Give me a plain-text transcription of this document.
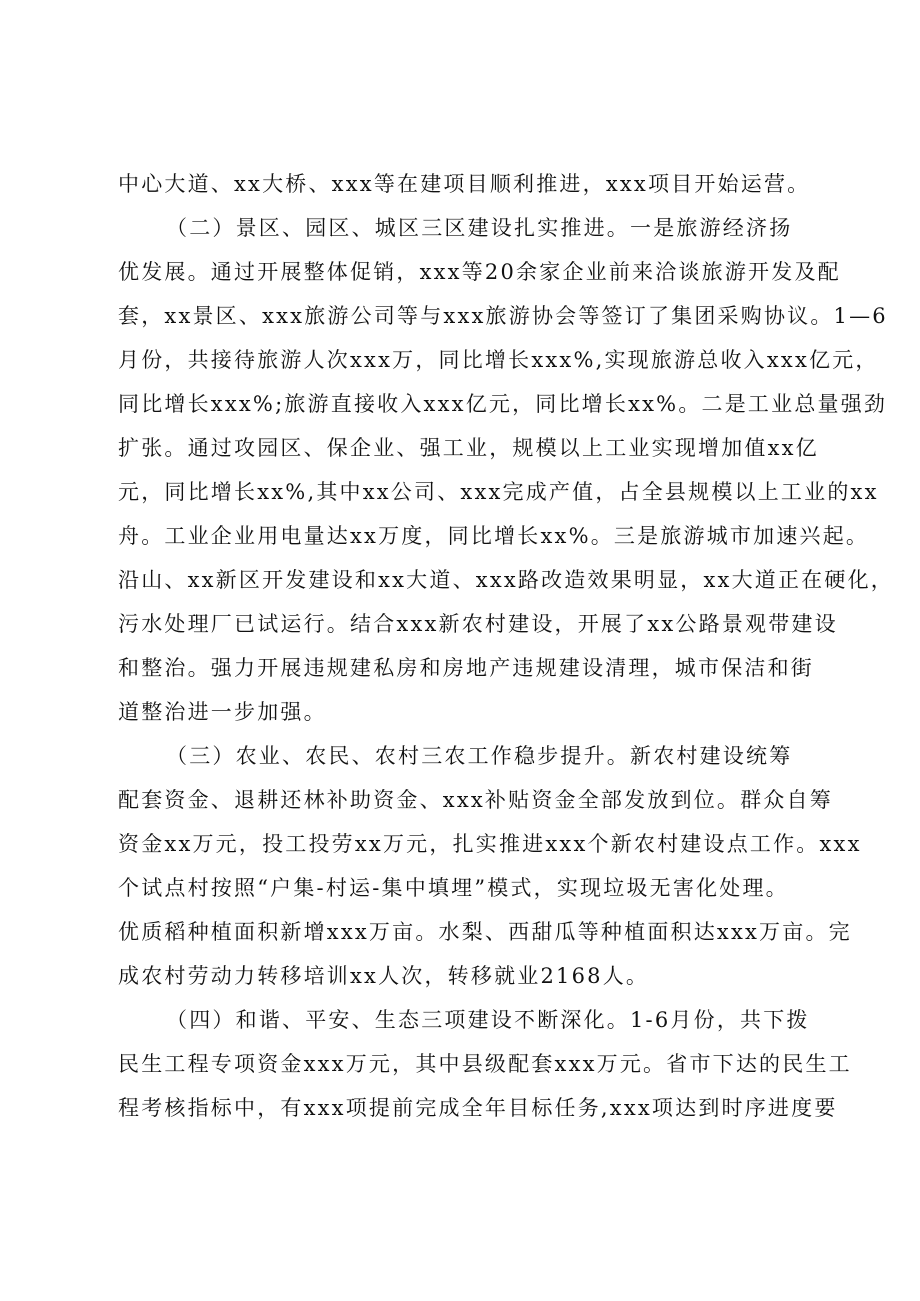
中心大道、xx大桥、xxx等在建项目顺利推进，xxx项目开始运营。
（二）景区、园区、城区三区建设扎实推进。一是旅游经济扬
优发展。通过开展整体促销，xxx等20余家企业前来洽谈旅游开发及配
套，xx景区、xxx旅游公司等与xxx旅游协会等签订了集团采购协议。1—6
月份，共接待旅游人次xxx万，同比增长xxx%,实现旅游总收入xxx亿元，
同比增长xxx%;旅游直接收入xxx亿元，同比增长xx%。二是工业总量强劲
扩张。通过攻园区、保企业、强工业，规模以上工业实现增加值xx亿
元，同比增长xx%,其中xx公司、xxx完成产值，占全县规模以上工业的xx
舟。工业企业用电量达xx万度，同比增长xx%。三是旅游城市加速兴起。
沿山、xx新区开发建设和xx大道、xxx路改造效果明显，xx大道正在硬化，
污水处理厂已试运行。结合xxx新农村建设，开展了xx公路景观带建设
和整治。强力开展违规建私房和房地产违规建设清理，城市保洁和街
道整治进一步加强。
（三）农业、农民、农村三农工作稳步提升。新农村建设统筹
配套资金、退耕还林补助资金、xxx补贴资金全部发放到位。群众自筹
资金xx万元，投工投劳xx万元，扎实推进xxx个新农村建设点工作。xxx
个试点村按照“户集-村运-集中填埋”模式，实现垃圾无害化处理。
优质稻种植面积新增xxx万亩。水梨、西甜瓜等种植面积达xxx万亩。完
成农村劳动力转移培训xx人次，转移就业2168人。
（四）和谐、平安、生态三项建设不断深化。1-6月份，共下拨
民生工程专项资金xxx万元，其中县级配套xxx万元。省市下达的民生工
程考核指标中，有xxx项提前完成全年目标任务,xxx项达到时序进度要
